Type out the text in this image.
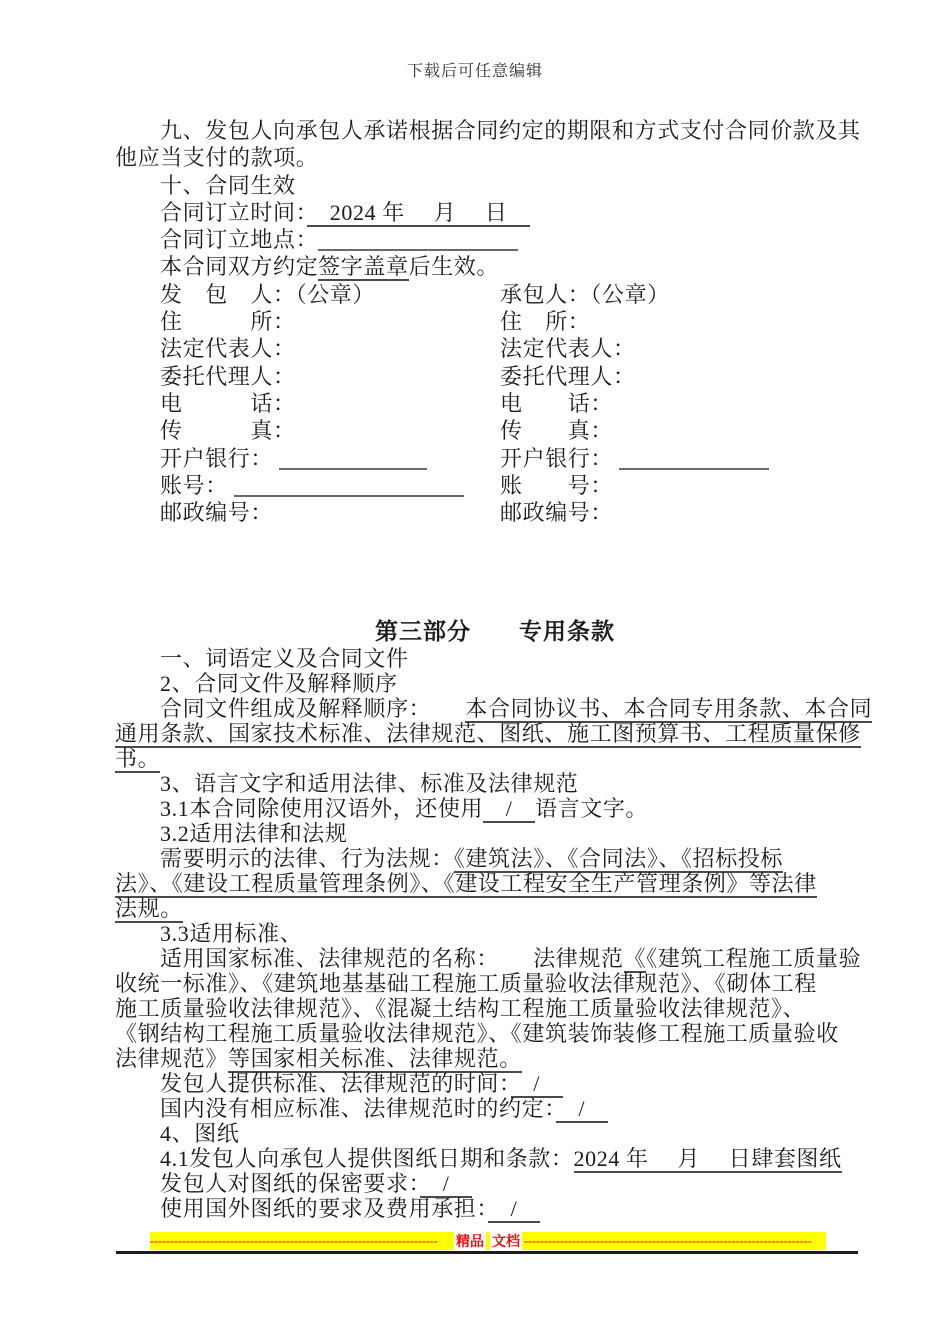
下载后可任意编辑
九、发包人向承包人承诺根据合同约定的期限和方式支付合同价款及其
他应当支付的款项。
十、合同生效
合同订立时间：　2024 年　 月　 日　
合同订立地点：
本合同双方约定签字盖章后生效。
发　包　人：（公章）	承包人：（公章）
住　　　所：	住　所：
法定代表人：	法定代表人：
委托代理人：	委托代理人：
电　　　话：	电　　话：
传　　　真：	传　　真：
开户银行：	开户银行：
账号：	账　　号：
邮政编号：	邮政编号：
第三部分　　专用条款
一、词语定义及合同文件
2、合同文件及解释顺序
合同文件组成及解释顺序：　　本合同协议书、本合同专用条款、本合同
通用条款、国家技术标准、法律规范、图纸、施工图预算书、工程质量保修
书。
3、语言文字和适用法律、标准及法律规范
3.1本合同除使用汉语外，还使用　/　语言文字。
3.2适用法律和法规
需要明示的法律、行为法规：《建筑法》、《合同法》、《招标投标
法》、《建设工程质量管理条例》、《建设工程安全生产管理条例》等法律
法规。
3.3适用标准、
适用国家标准、法律规范的名称：　　法律规范《《建筑工程施工质量验
收统一标准》、《建筑地基基础工程施工质量验收法律规范》、《砌体工程
施工质量验收法律规范》、《混凝土结构工程施工质量验收法律规范》、
《钢结构工程施工质量验收法律规范》、《建筑装饰装修工程施工质量验收
法律规范》等国家相关标准、法律规范。
发包人提供标准、法律规范的时间：　/　
国内没有相应标准、法律规范时的约定：　/　
4、图纸
4.1发包人向承包人提供图纸日期和条款：2024 年　 月　 日肆套图纸
发包人对图纸的保密要求：　/　
使用国外图纸的要求及费用承担：　/　
------------------------------------------------------------------------	精品 文档 ------------------------------------------------------------------------
